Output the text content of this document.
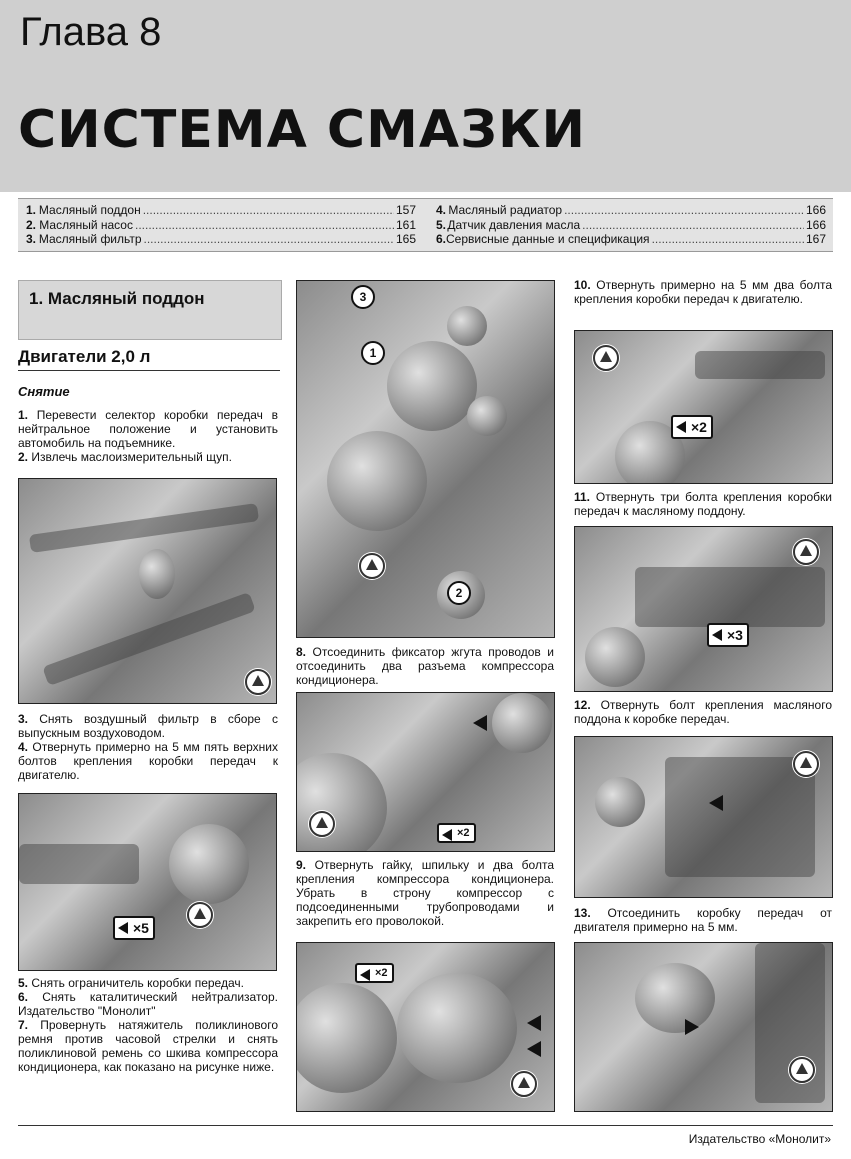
Глава 8
СИСТЕМА СМАЗКИ
1. Масляный поддон .....	157
2. Масляный насос .....	161
3. Масляный фильтр .....	165
4. Масляный радиатор .....	166
5. Датчик давления масла .....	166
6. Сервисные данные и спецификация .....	167
1. Масляный поддон
Двигатели 2,0 л
Снятие

1. Перевести селектор коробки передач в нейтральное положение и установить автомобиль на подъемнике.

2. Извлечь маслоизмерительный щуп.

3. Снять воздушный фильтр в сборе с выпускным воздуховодом.

4. Отвернуть примерно на 5 мм пять верхних болтов крепления коробки передач к двигателю.

×5

5. Снять ограничитель коробки передач.

6. Снять каталитический нейтрализатор. Издательство "Монолит"

7. Провернуть натяжитель поликлинового ремня против часовой стрелки и снять поликлиновой ремень со шкива компрессора кондиционера, как показано на рисунке ниже.

3
1
2

8. Отсоединить фиксатор жгута проводов и отсоединить два разъема компрессора кондиционера.

×2

9. Отвернуть гайку, шпильку и два болта крепления компрессора кондиционера. Убрать в строну компрессор с подсоединенными трубопроводами и закрепить его проволокой.

×2

10. Отвернуть примерно на 5 мм два болта крепления коробки передач к двигателю.

×2

11. Отвернуть три болта крепления коробки передач к масляному поддону.

×3

12. Отвернуть болт крепления масляного поддона к коробке передач.

13. Отсоединить коробку передач от двигателя примерно на 5 мм.

Издательство «Монолит»
